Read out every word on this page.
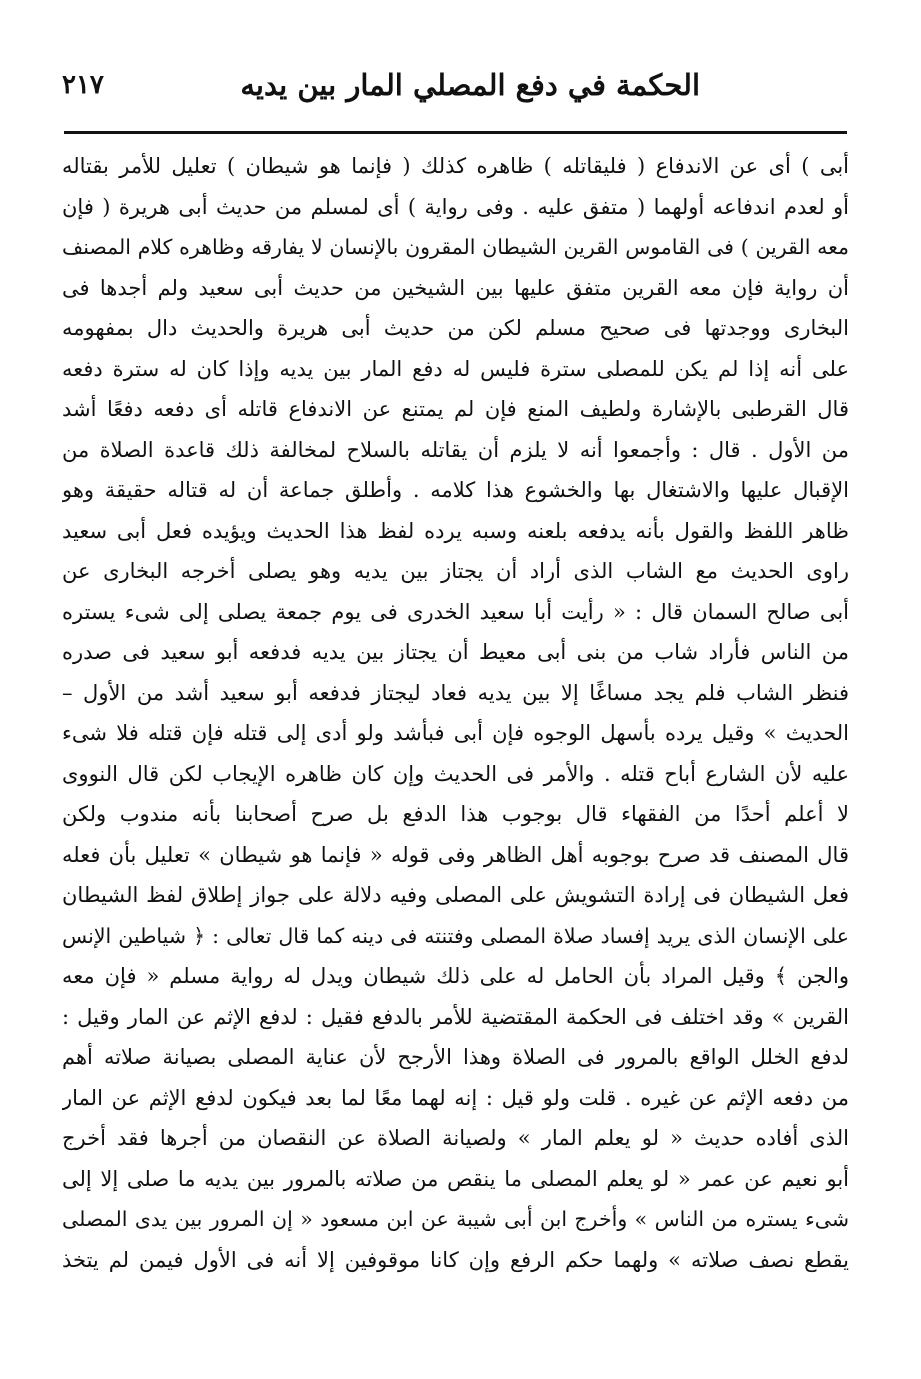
الحكمة في دفع المصلي المار بين يديه
٢١٧
أبى ) أى عن الاندفاع ( فليقاتله ) ظاهره كذلك ( فإنما هو شيطان ) تعليل للأمر بقتاله
أو لعدم اندفاعه أولهما ( متفق عليه . وفى رواية ) أى لمسلم من حديث أبى هريرة ( فإن
معه القرين ) فى القاموس القرين الشيطان المقرون بالإنسان لا يفارقه وظاهره كلام المصنف
أن رواية فإن معه القرين متفق عليها بين الشيخين من حديث أبى سعيد ولم أجدها فى
البخارى ووجدتها فى صحيح مسلم لكن من حديث أبى هريرة والحديث دال بمفهومه
على أنه إذا لم يكن للمصلى سترة فليس له دفع المار بين يديه وإذا كان له سترة دفعه
قال القرطبى بالإشارة ولطيف المنع فإن لم يمتنع عن الاندفاع قاتله أى دفعه دفعًا أشد
من الأول . قال : وأجمعوا أنه لا يلزم أن يقاتله بالسلاح لمخالفة ذلك قاعدة الصلاة من
الإقبال عليها والاشتغال بها والخشوع هذا كلامه . وأطلق جماعة أن له قتاله حقيقة وهو
ظاهر اللفظ والقول بأنه يدفعه بلعنه وسبه يرده لفظ هذا الحديث ويؤيده فعل أبى سعيد
راوى الحديث مع الشاب الذى أراد أن يجتاز بين يديه وهو يصلى أخرجه البخارى عن
أبى صالح السمان قال : « رأيت أبا سعيد الخدرى فى يوم جمعة يصلى إلى شىء يستره
من الناس فأراد شاب من بنى أبى معيط أن يجتاز بين يديه فدفعه أبو سعيد فى صدره
فنظر الشاب فلم يجد مساغًا إلا بين يديه فعاد ليجتاز فدفعه أبو سعيد أشد من الأول –
الحديث » وقيل يرده بأسهل الوجوه فإن أبى فبأشد ولو أدى إلى قتله فإن قتله فلا شىء
عليه لأن الشارع أباح قتله . والأمر فى الحديث وإن كان ظاهره الإيجاب لكن قال النووى
لا أعلم أحدًا من الفقهاء قال بوجوب هذا الدفع بل صرح أصحابنا بأنه مندوب ولكن
قال المصنف قد صرح بوجوبه أهل الظاهر وفى قوله « فإنما هو شيطان » تعليل بأن فعله
فعل الشيطان فى إرادة التشويش على المصلى وفيه دلالة على جواز إطلاق لفظ الشيطان
على الإنسان الذى يريد إفساد صلاة المصلى وفتنته فى دينه كما قال تعالى : ﴿ شياطين الإنس
والجن ﴾ وقيل المراد بأن الحامل له على ذلك شيطان ويدل له رواية مسلم « فإن معه
القرين » وقد اختلف فى الحكمة المقتضية للأمر بالدفع فقيل : لدفع الإثم عن المار وقيل :
لدفع الخلل الواقع بالمرور فى الصلاة وهذا الأرجح لأن عناية المصلى بصيانة صلاته أهم
من دفعه الإثم عن غيره . قلت ولو قيل : إنه لهما معًا لما بعد فيكون لدفع الإثم عن المار
الذى أفاده حديث « لو يعلم المار » ولصيانة الصلاة عن النقصان من أجرها فقد أخرج
أبو نعيم عن عمر « لو يعلم المصلى ما ينقص من صلاته بالمرور بين يديه ما صلى إلا إلى
شىء يستره من الناس » وأخرج ابن أبى شيبة عن ابن مسعود « إن المرور بين يدى المصلى
يقطع نصف صلاته » ولهما حكم الرفع وإن كانا موقوفين إلا أنه فى الأول فيمن لم يتخذ
